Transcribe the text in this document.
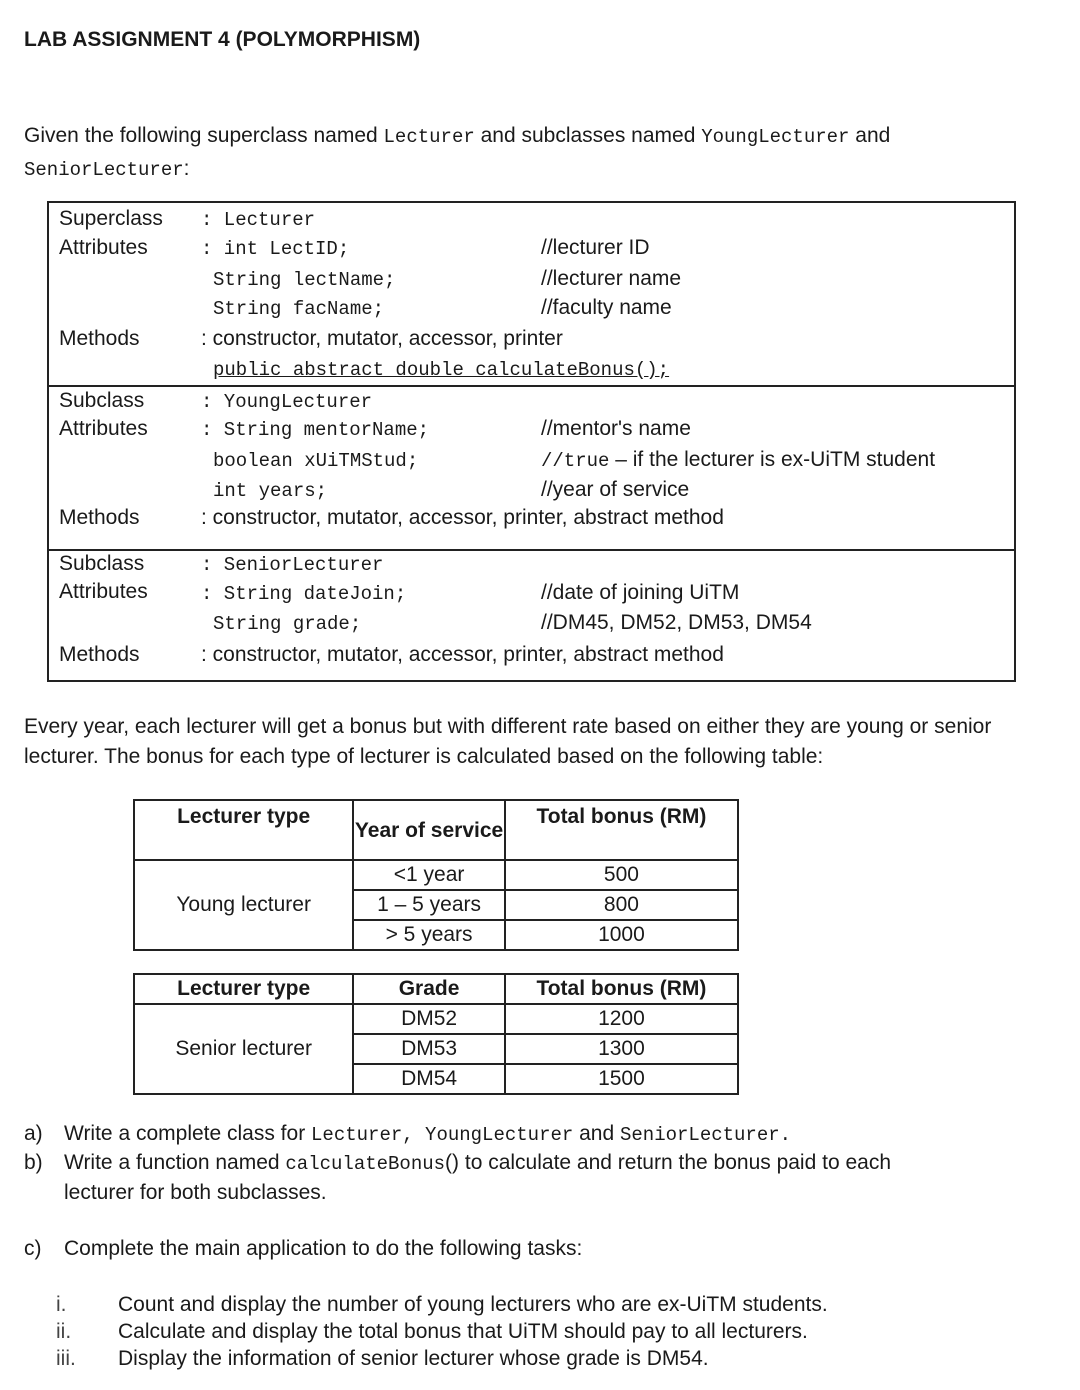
LAB ASSIGNMENT 4 (POLYMORPHISM)
Given the following superclass named Lecturer and subclasses named YoungLecturer and
SeniorLecturer:
Superclass : Lecturer
Attributes	: int LectID;	//lecturer ID
String lectName;	//lecturer name
String facName;	//faculty name
Methods	: constructor, mutator, accessor, printer
public abstract double calculateBonus();
Subclass	: YoungLecturer
Attributes	: String mentorName;	//mentor's name
boolean xUiTMStud;	//true – if the lecturer is ex-UiTM student
int years;	//year of service
Methods	: constructor, mutator, accessor, printer, abstract method
Subclass	: SeniorLecturer
Attributes	: String dateJoin;	//date of joining UiTM
String grade;	//DM45, DM52, DM53, DM54
Methods	: constructor, mutator, accessor, printer, abstract method
Every year, each lecturer will get a bonus but with different rate based on either they are young or senior lecturer. The bonus for each type of lecturer is calculated based on the following table:
Lecturer type	Year of service	Total bonus (RM)
Young lecturer	<1 year	500
	1 – 5 years	800
	> 5 years	1000
Lecturer type	Grade	Total bonus (RM)
Senior lecturer	DM52	1200
	DM53	1300
	DM54	1500
a) Write a complete class for Lecturer, YoungLecturer and SeniorLecturer.
b) Write a function named calculateBonus() to calculate and return the bonus paid to each
lecturer for both subclasses.
c) Complete the main application to do the following tasks:
i.	Count and display the number of young lecturers who are ex-UiTM students.
ii.	Calculate and display the total bonus that UiTM should pay to all lecturers.
iii.	Display the information of senior lecturer whose grade is DM54.
